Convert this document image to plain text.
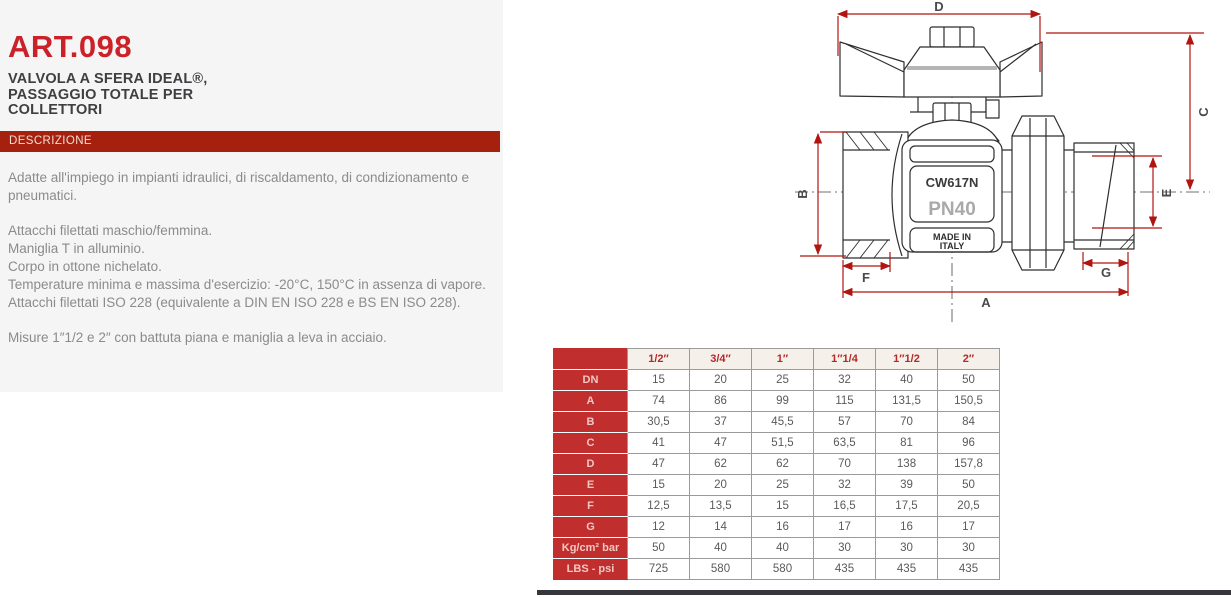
ART.098
VALVOLA A SFERA IDEAL®,
PASSAGGIO TOTALE PER
COLLETTORI
DESCRIZIONE

Adatte all'impiego in impianti idraulici, di riscaldamento, di condizionamento e pneumatici.

Attacchi filettati maschio/femmina.
Maniglia T in alluminio.
Corpo in ottone nichelato.
Temperature minima e massima d'esercizio: -20°C, 150°C in assenza di vapore.
Attacchi filettati ISO 228 (equivalente a DIN EN ISO 228 e BS EN ISO 228).

Misure 1″1/2 e 2″ con battuta piana e maniglia a leva in acciaio.

D
C
B	E
F	G
A
CW617N
PN40
MADE IN
ITALY
	1/2″	3/4″	1″	1″1/4	1″1/2	2″
DN	15	20	25	32	40	50
A	74	86	99	115	131,5	150,5
B	30,5	37	45,5	57	70	84
C	41	47	51,5	63,5	81	96
D	47	62	62	70	138	157,8
E	15	20	25	32	39	50
F	12,5	13,5	15	16,5	17,5	20,5
G	12	14	16	17	16	17
Kg/cm² bar	50	40	40	30	30	30
LBS - psi	725	580	580	435	435	435
